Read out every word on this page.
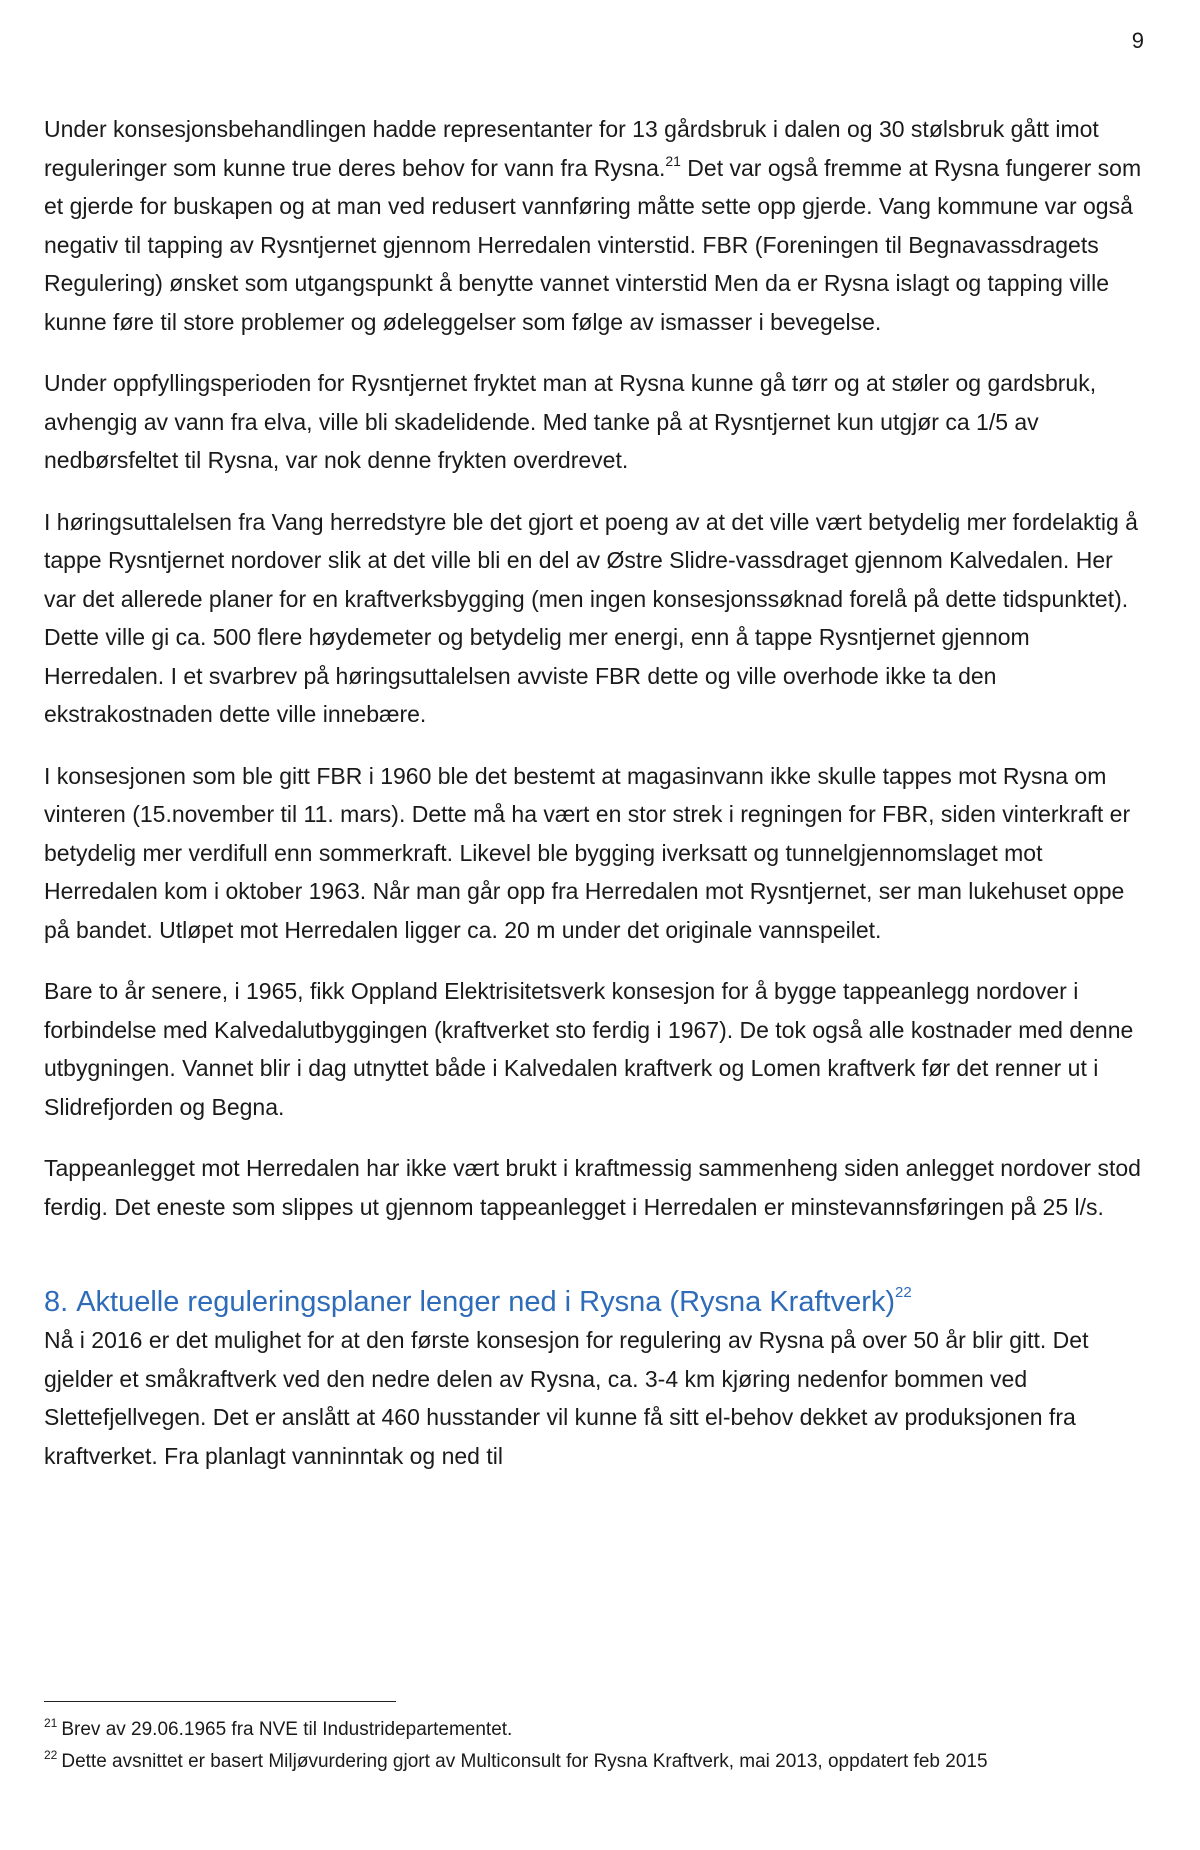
9

Under konsesjonsbehandlingen hadde representanter for 13 gårdsbruk i dalen og 30 stølsbruk gått imot reguleringer som kunne true deres behov for vann fra Rysna.$^{21}$ Det var også fremme at Rysna fungerer som et gjerde for buskapen og at man ved redusert vannføring måtte sette opp gjerde. Vang kommune var også negativ til tapping av Rysntjernet gjennom Herredalen vinterstid. FBR (Foreningen til Begnavassdragets Regulering) ønsket som utgangspunkt å benytte vannet vinterstid Men da er Rysna islagt og tapping ville kunne føre til store problemer og ødeleggelser som følge av ismasser i bevegelse.

Under oppfyllingsperioden for Rysntjernet fryktet man at Rysna kunne gå tørr og at støler og gardsbruk, avhengig av vann fra elva, ville bli skadelidende. Med tanke på at Rysntjernet kun utgjør ca 1/5 av nedbørsfeltet til Rysna, var nok denne frykten overdrevet.

I høringsuttalelsen fra Vang herredstyre ble det gjort et poeng av at det ville vært betydelig mer fordelaktig å tappe Rysntjernet nordover slik at det ville bli en del av Østre Slidre-vassdraget gjennom Kalvedalen. Her var det allerede planer for en kraftverksbygging (men ingen konsesjonssøknad forelå på dette tidspunktet). Dette ville gi ca. 500 flere høydemeter og betydelig mer energi, enn å tappe Rysntjernet gjennom Herredalen. I et svarbrev på høringsuttalelsen avviste FBR dette og ville overhode ikke ta den ekstrakostnaden dette ville innebære.

I konsesjonen som ble gitt FBR i 1960 ble det bestemt at magasinvann ikke skulle tappes mot Rysna om vinteren (15.november til 11. mars). Dette må ha vært en stor strek i regningen for FBR, siden vinterkraft er betydelig mer verdifull enn sommerkraft. Likevel ble bygging iverksatt og tunnelgjennomslaget mot Herredalen kom i oktober 1963. Når man går opp fra Herredalen mot Rysntjernet, ser man lukehuset oppe på bandet. Utløpet mot Herredalen ligger ca. 20 m under det originale vannspeilet.

Bare to år senere, i 1965, fikk Oppland Elektrisitetsverk konsesjon for å bygge tappeanlegg nordover i forbindelse med Kalvedalutbyggingen (kraftverket sto ferdig i 1967). De tok også alle kostnader med denne utbygningen. Vannet blir i dag utnyttet både i Kalvedalen kraftverk og Lomen kraftverk før det renner ut i Slidrefjorden og Begna.

Tappeanlegget mot Herredalen har ikke vært brukt i kraftmessig sammenheng siden anlegget nordover stod ferdig. Det eneste som slippes ut gjennom tappeanlegget i Herredalen er minstevannsføringen på 25 l/s.

8. Aktuelle reguleringsplaner lenger ned i Rysna (Rysna Kraftverk)$^{22}$

Nå i 2016 er det mulighet for at den første konsesjon for regulering av Rysna på over 50 år blir gitt. Det gjelder et småkraftverk ved den nedre delen av Rysna, ca. 3-4 km kjøring nedenfor bommen ved Slettefjellvegen. Det er anslått at 460 husstander vil kunne få sitt el-behov dekket av produksjonen fra kraftverket. Fra planlagt vanninntak og ned til

$^{21}$ Brev av 29.06.1965 fra NVE til Industridepartementet.

$^{22}$ Dette avsnittet er basert Miljøvurdering gjort av Multiconsult for Rysna Kraftverk, mai 2013, oppdatert feb 2015
